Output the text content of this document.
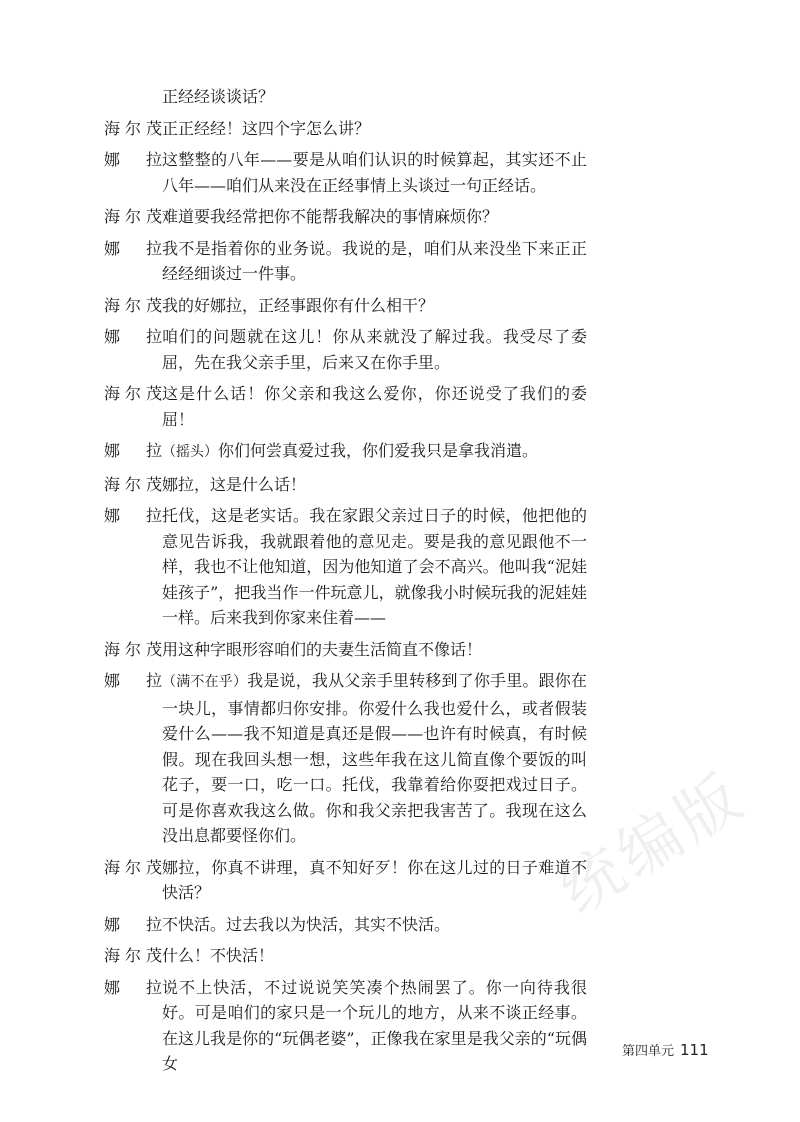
统编版
正经经谈谈话？
海尔茂 正正经经！这四个字怎么讲？
娜　拉 这整整的八年——要是从咱们认识的时候算起，其实还不止八年——咱们从来没在正经事情上头谈过一句正经话。
海尔茂 难道要我经常把你不能帮我解决的事情麻烦你？
娜　拉 我不是指着你的业务说。我说的是，咱们从来没坐下来正正经经细谈过一件事。
海尔茂 我的好娜拉，正经事跟你有什么相干？
娜　拉 咱们的问题就在这儿！你从来就没了解过我。我受尽了委屈，先在我父亲手里，后来又在你手里。
海尔茂 这是什么话！你父亲和我这么爱你，你还说受了我们的委屈！
娜　拉 （摇头）你们何尝真爱过我，你们爱我只是拿我消遣。
海尔茂 娜拉，这是什么话！
娜　拉 托伐，这是老实话。我在家跟父亲过日子的时候，他把他的意见告诉我，我就跟着他的意见走。要是我的意见跟他不一样，我也不让他知道，因为他知道了会不高兴。他叫我“泥娃娃孩子”，把我当作一件玩意儿，就像我小时候玩我的泥娃娃一样。后来我到你家来住着——
海尔茂 用这种字眼形容咱们的夫妻生活简直不像话！
娜　拉 （满不在乎）我是说，我从父亲手里转移到了你手里。跟你在一块儿，事情都归你安排。你爱什么我也爱什么，或者假装爱什么——我不知道是真还是假——也许有时候真，有时候假。现在我回头想一想，这些年我在这儿简直像个要饭的叫花子，要一口，吃一口。托伐，我靠着给你耍把戏过日子。可是你喜欢我这么做。你和我父亲把我害苦了。我现在这么没出息都要怪你们。
海尔茂 娜拉，你真不讲理，真不知好歹！你在这儿过的日子难道不快活？
娜　拉 不快活。过去我以为快活，其实不快活。
海尔茂 什么！不快活！
娜　拉 说不上快活，不过说说笑笑凑个热闹罢了。你一向待我很好。可是咱们的家只是一个玩儿的地方，从来不谈正经事。在这儿我是你的“玩偶老婆”，正像我在家里是我父亲的“玩偶女
第四单元 111
